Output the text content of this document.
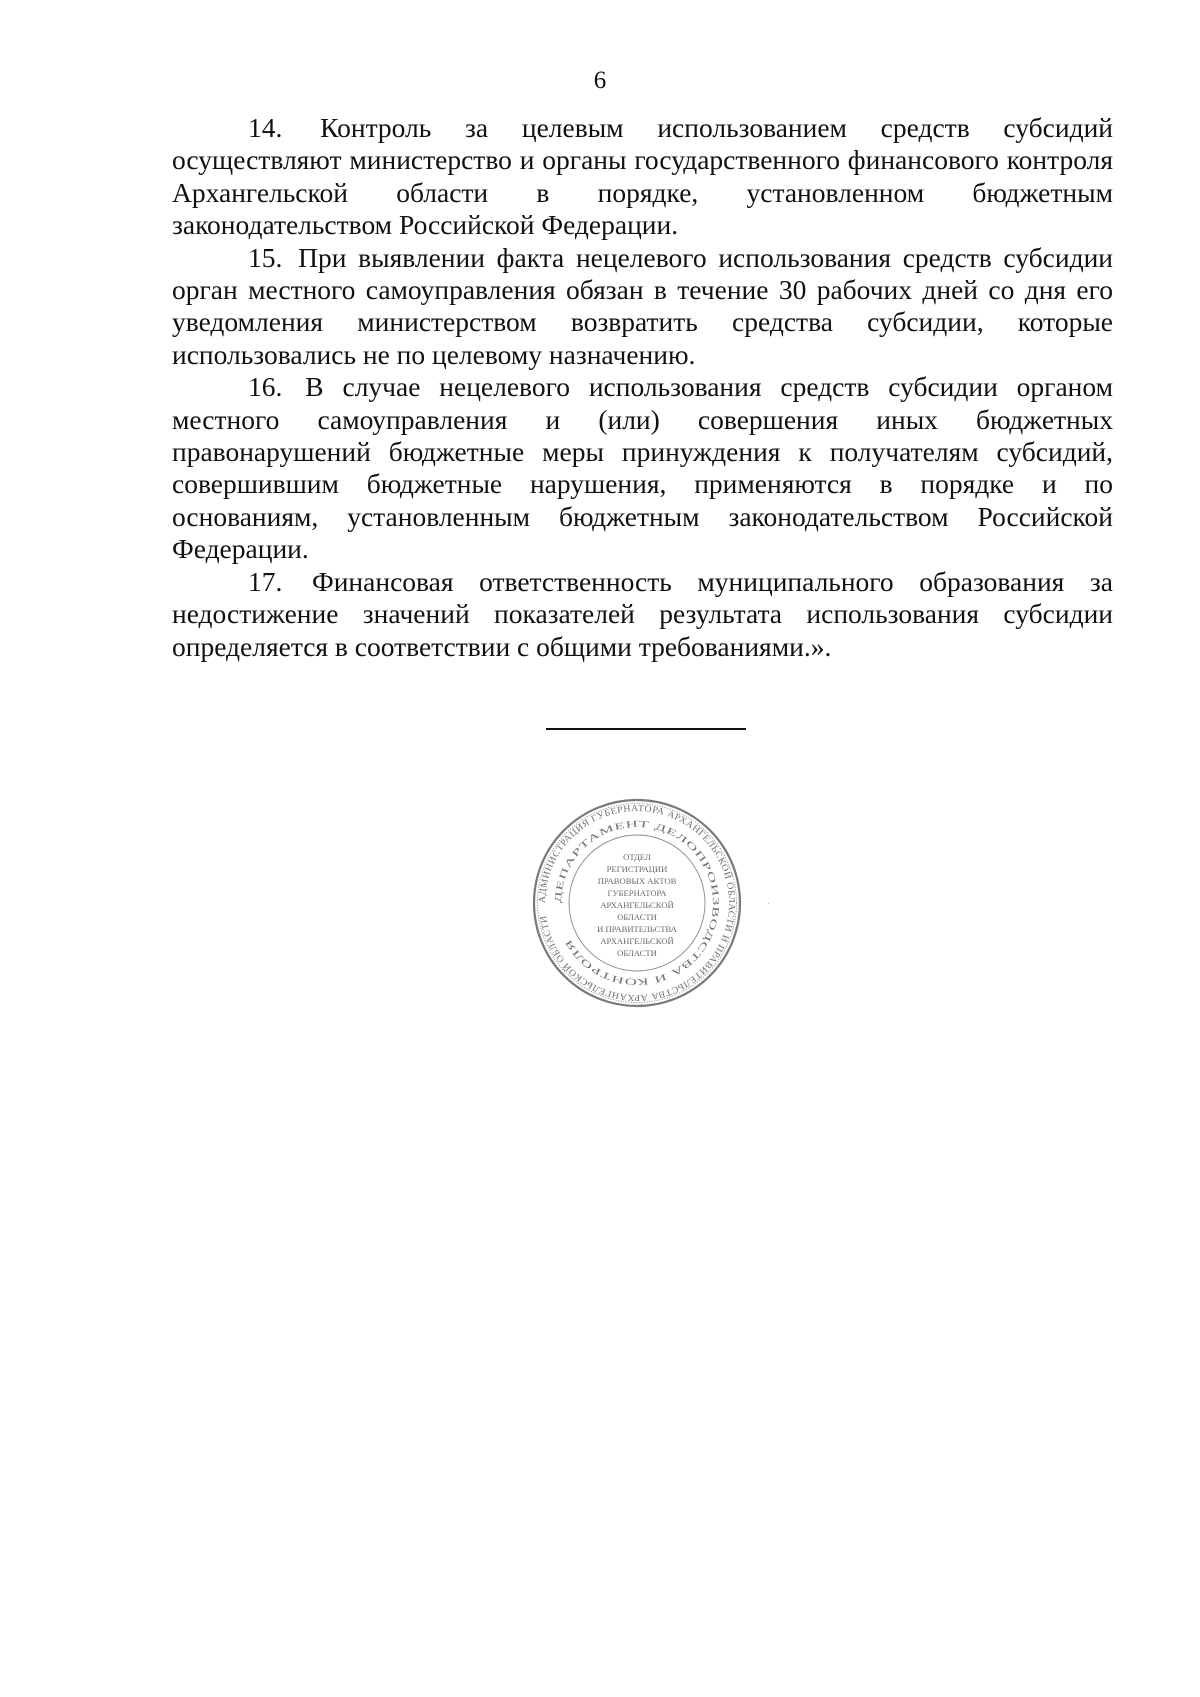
6

14. Контроль за целевым использованием средств субсидий осуществляют министерство и органы государственного финансового контроля Архангельской области в порядке, установленном бюджетным законодательством Российской Федерации.

15. При выявлении факта нецелевого использования средств субсидии орган местного самоуправления обязан в течение 30 рабочих дней со дня его уведомления министерством возвратить средства субсидии, которые использовались не по целевому назначению.

16. В случае нецелевого использования средств субсидии органом местного самоуправления и (или) совершения иных бюджетных правонарушений бюджетные меры принуждения к получателям субсидий, совершившим бюджетные нарушения, применяются в порядке и по основаниям, установленным бюджетным законодательством Российской Федерации.

17. Финансовая ответственность муниципального образования за недостижение значений показателей результата использования субсидии определяется в соответствии с общими требованиями.».

АДМИНИСТРАЦИЯ ГУБЕРНАТОРА АРХАНГЕЛЬСКОЙ ОБЛАСТИ И ПРАВИТЕЛЬСТВА АРХАНГЕЛЬСКОЙ ОБЛАСТИ
ДЕПАРТАМЕНТ ДЕЛОПРОИЗВОДСТВА И КОНТРОЛЯ
ОТДЕЛ
РЕГИСТРАЦИИ
ПРАВОВЫХ АКТОВ
ГУБЕРНАТОРА
АРХАНГЕЛЬСКОЙ
ОБЛАСТИ
И ПРАВИТЕЛЬСТВА
АРХАНГЕЛЬСКОЙ
ОБЛАСТИ
